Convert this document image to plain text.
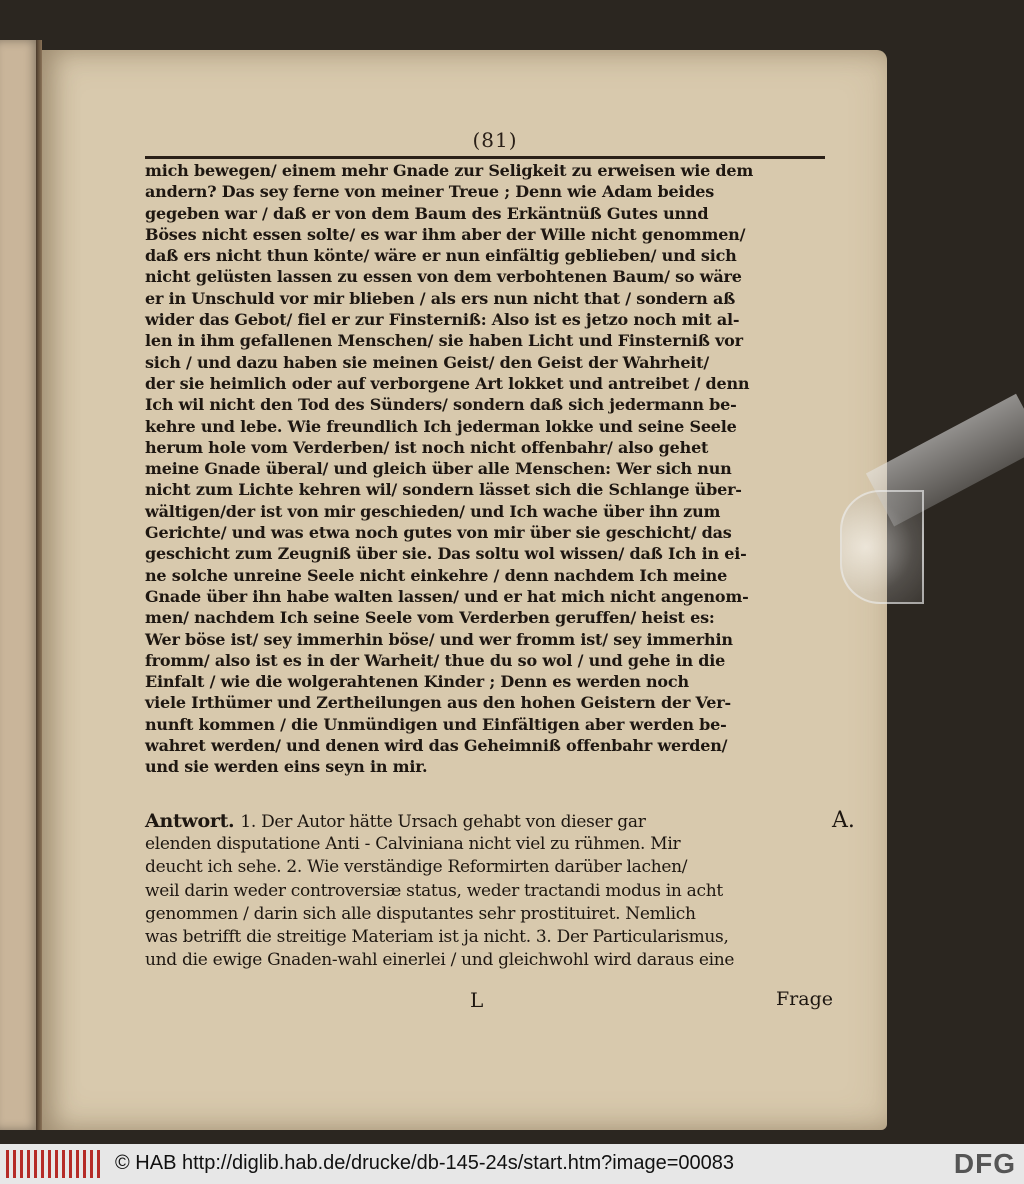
(81)
mich bewegen/ einem mehr Gnade zur Seligkeit zu erweisen wie dem
andern? Das sey ferne von meiner Treue ; Denn wie Adam beides
gegeben war / daß er von dem Baum des Erkäntnüß Gutes unnd
Böses nicht essen solte/ es war ihm aber der Wille nicht genommen/
daß ers nicht thun könte/ wäre er nun einfältig geblieben/ und sich
nicht gelüsten lassen zu essen von dem verbohtenen Baum/ so wäre
er in Unschuld vor mir blieben / als ers nun nicht that / sondern aß
wider das Gebot/ fiel er zur Finsterniß: Also ist es jetzo noch mit al-
len in ihm gefallenen Menschen/ sie haben Licht und Finsterniß vor
sich / und dazu haben sie meinen Geist/ den Geist der Wahrheit/
der sie heimlich oder auf verborgene Art lokket und antreibet / denn
Ich wil nicht den Tod des Sünders/ sondern daß sich jedermann be-
kehre und lebe. Wie freundlich Ich jederman lokke und seine Seele
herum hole vom Verderben/ ist noch nicht offenbahr/ also gehet
meine Gnade überal/ und gleich über alle Menschen: Wer sich nun
nicht zum Lichte kehren wil/ sondern lässet sich die Schlange über-
wältigen/der ist von mir geschieden/ und Ich wache über ihn zum
Gerichte/ und was etwa noch gutes von mir über sie geschicht/ das
geschicht zum Zeugniß über sie. Das soltu wol wissen/ daß Ich in ei-
ne solche unreine Seele nicht einkehre / denn nachdem Ich meine
Gnade über ihn habe walten lassen/ und er hat mich nicht angenom-
men/ nachdem Ich seine Seele vom Verderben geruffen/ heist es:
Wer böse ist/ sey immerhin böse/ und wer fromm ist/ sey immerhin
fromm/ also ist es in der Warheit/ thue du so wol / und gehe in die
Einfalt / wie die wolgerahtenen Kinder ; Denn es werden noch
viele Irthümer und Zertheilungen aus den hohen Geistern der Ver-
nunft kommen / die Unmündigen und Einfältigen aber werden be-
wahret werden/ und denen wird das Geheimniß offenbahr werden/
und sie werden eins seyn in mir.
Antwort. 1. Der Autor hätte Ursach gehabt von dieser gar
elenden disputatione Anti - Calviniana nicht viel zu rühmen. Mir
deucht ich sehe. 2. Wie verständige Reformirten darüber lachen/
weil darin weder controversiæ status, weder tractandi modus in acht
genommen / darin sich alle disputantes sehr prostituiret. Nemlich
was betrifft die streitige Materiam ist ja nicht. 3. Der Particularismus,
und die ewige Gnaden-wahl einerlei / und gleichwohl wird daraus eine
A.
L	Frage
© HAB http://diglib.hab.de/drucke/db-145-24s/start.htm?image=00083	DFG
